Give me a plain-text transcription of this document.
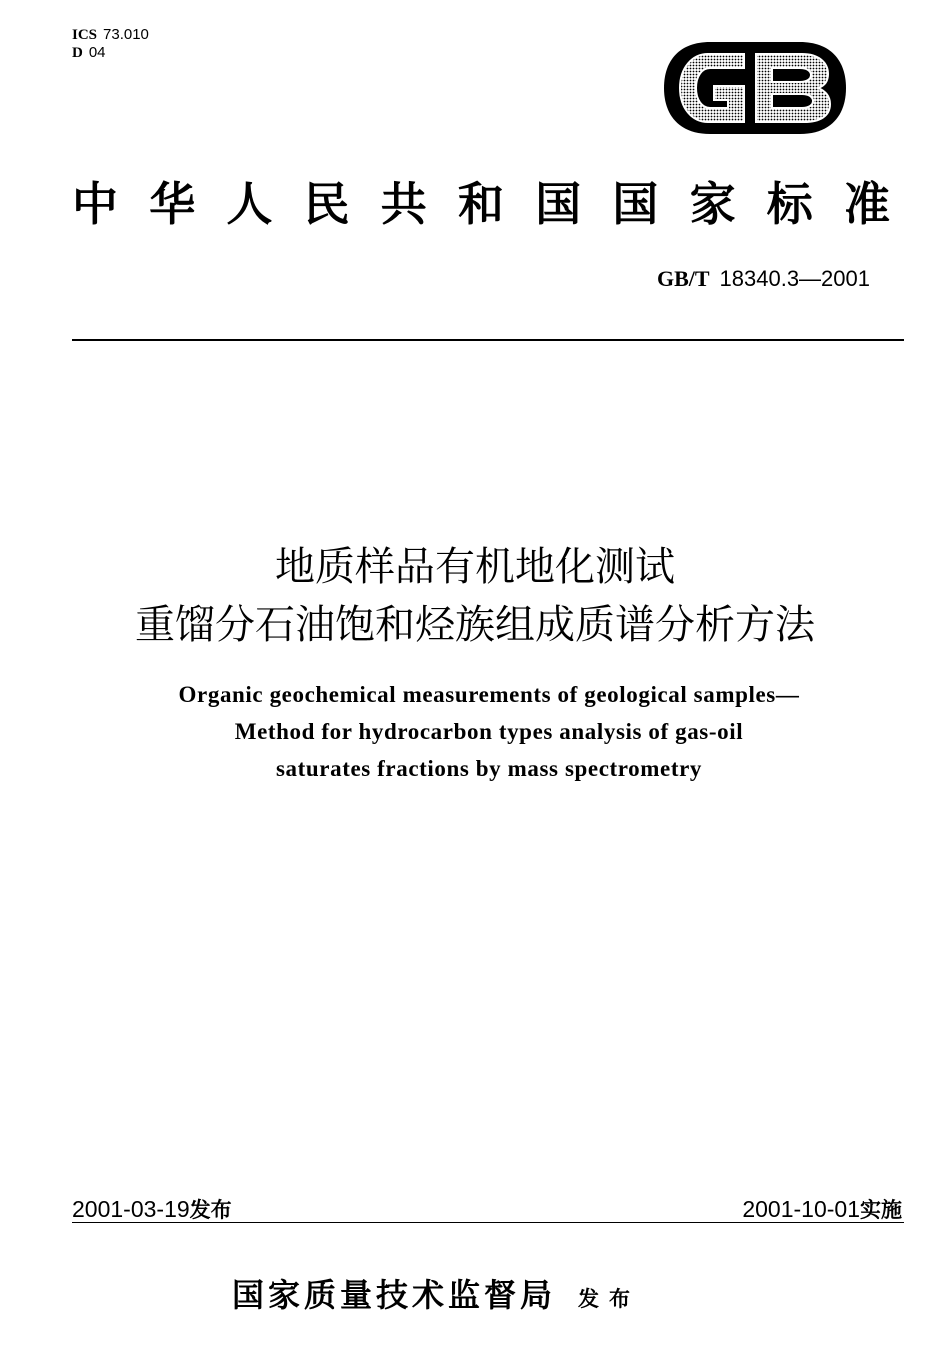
ICS 73.010
D 04
中华人民共和国国家标准
GB/T 18340.3—2001
地质样品有机地化测试
重馏分石油饱和烃族组成质谱分析方法
Organic geochemical measurements of geological samples—
Method for hydrocarbon types analysis of gas-oil
saturates fractions by mass spectrometry
2001-03-19发布	2001-10-01实施
国家质量技术监督局 发布
